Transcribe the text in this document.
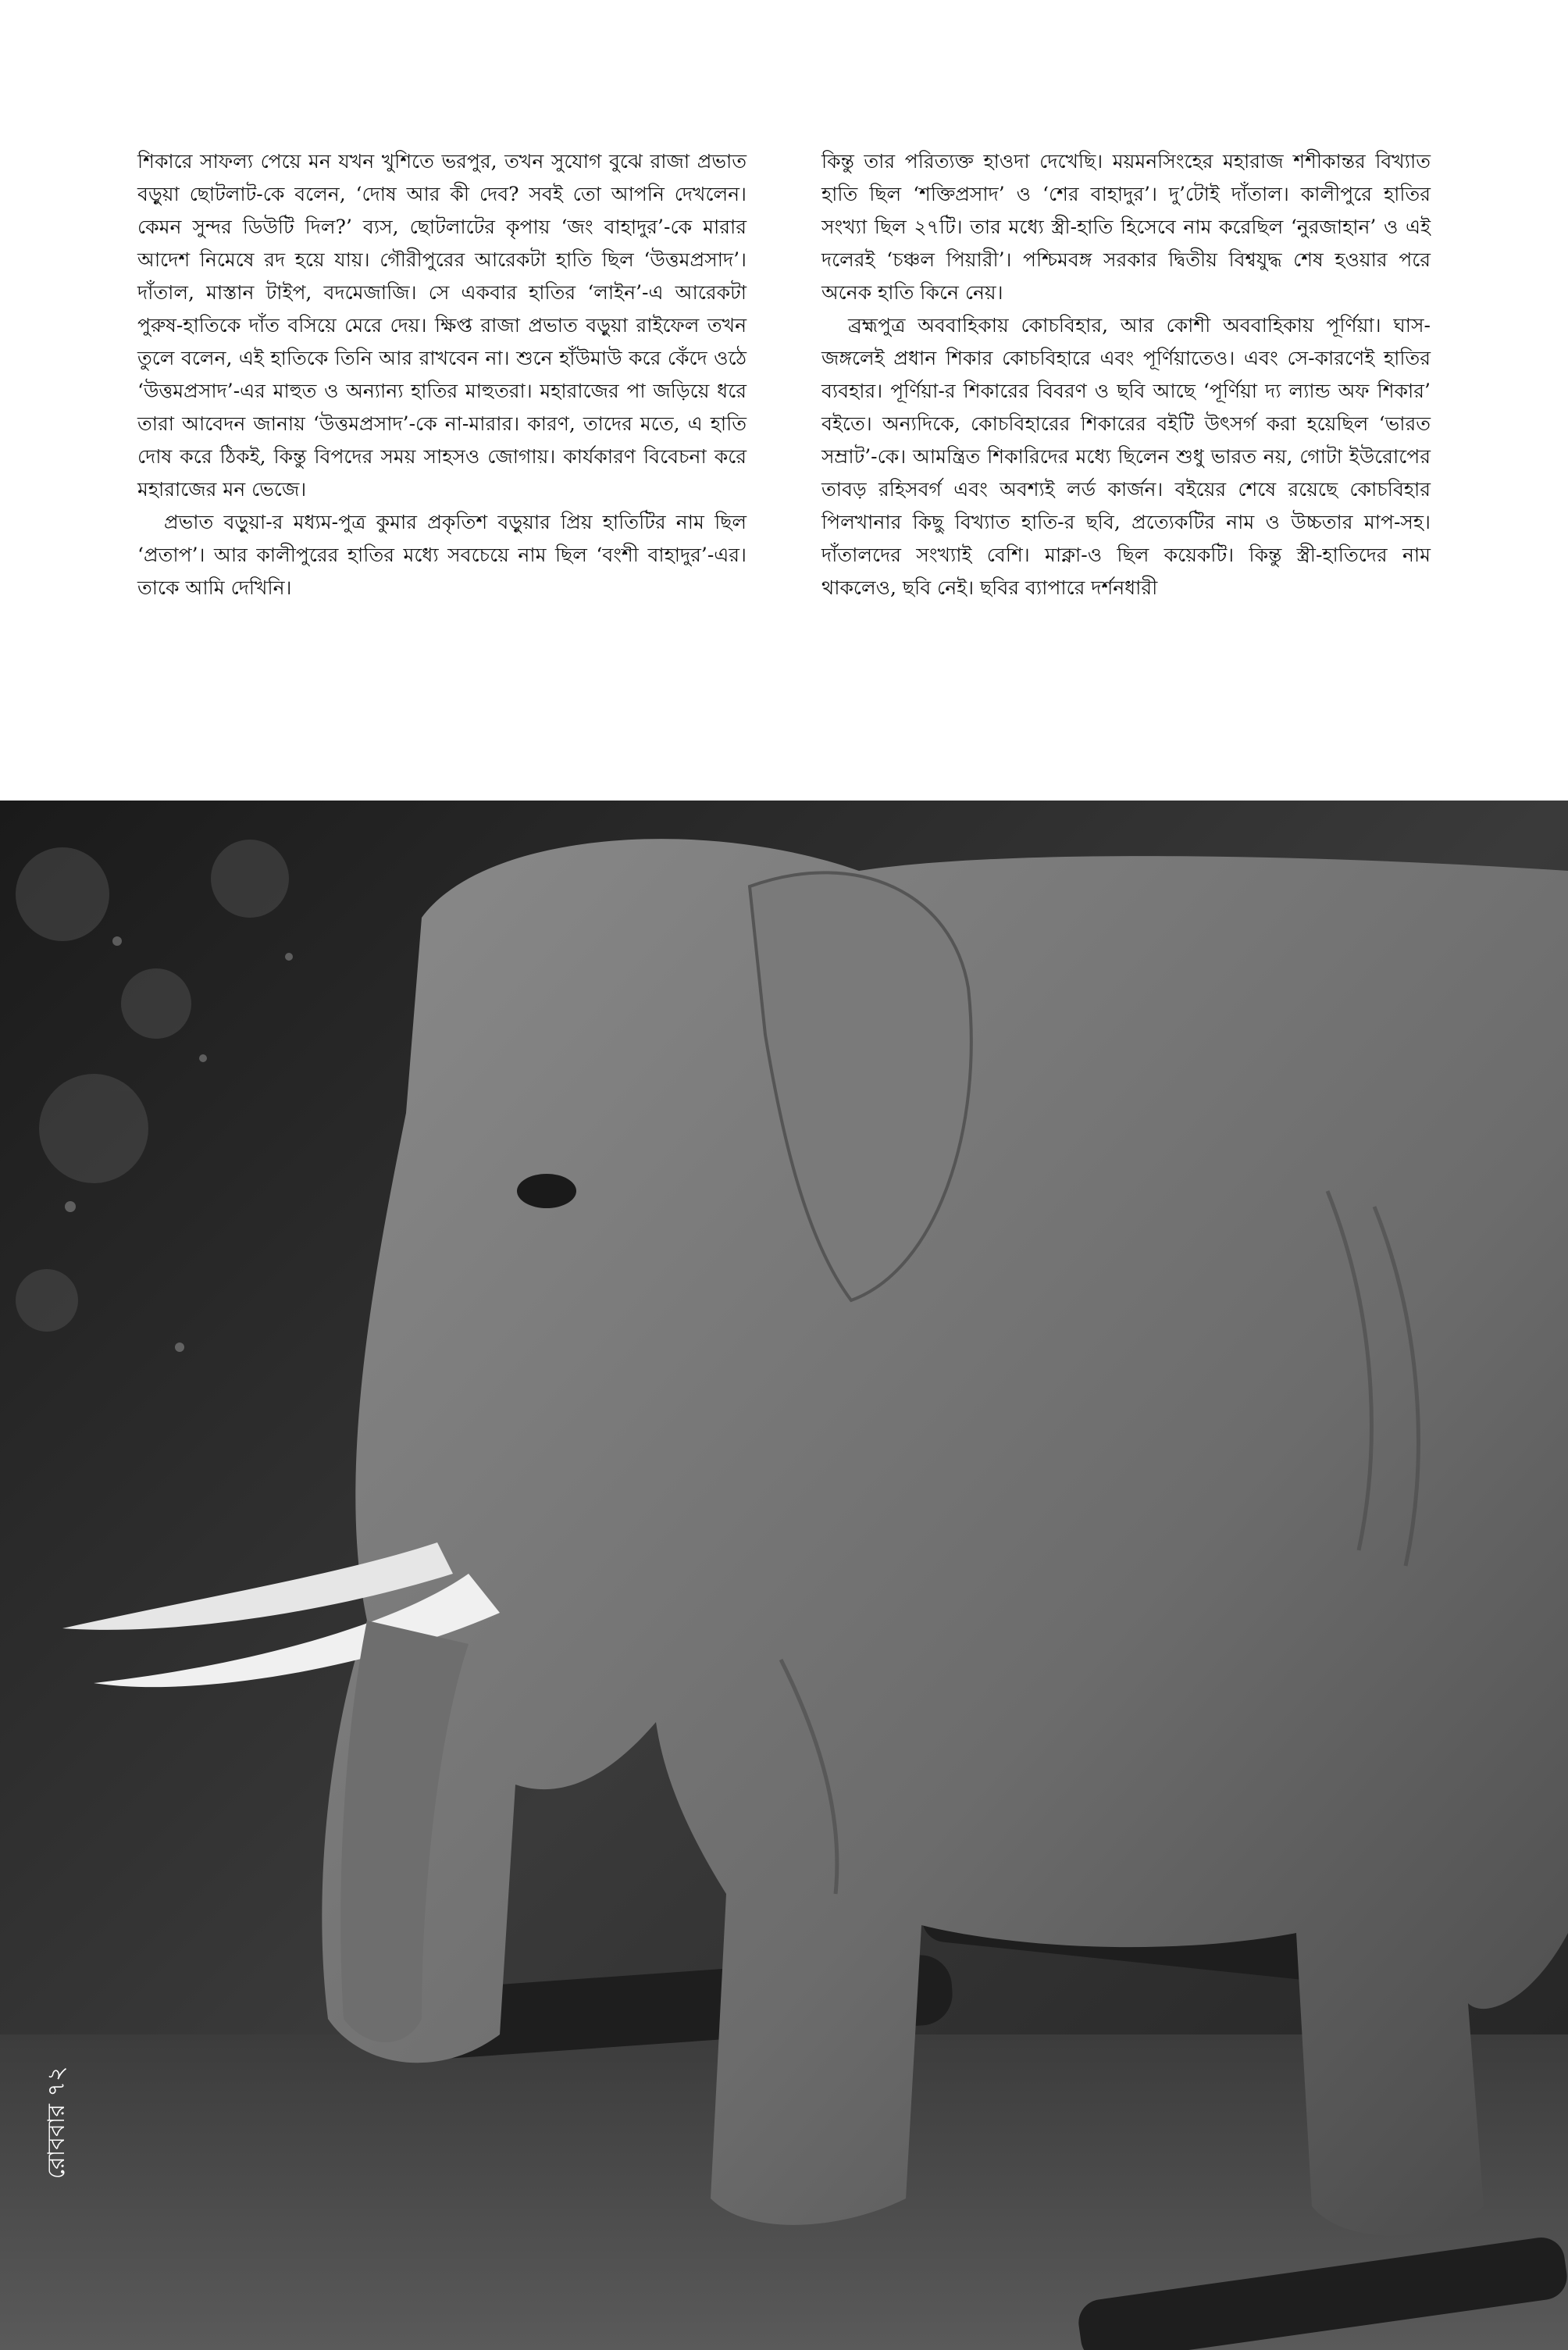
শিকারে সাফল্য পেয়ে মন যখন খুশিতে ভরপুর, তখন সুযোগ বুঝে রাজা প্রভাত বড়ুয়া ছোটলাট-কে বলেন, ‘দোষ আর কী দেব? সবই তো আপনি দেখলেন। কেমন সুন্দর ডিউটি দিল?’ ব্যস, ছোটলাটের কৃপায় ‘জং বাহাদুর’-কে মারার আদেশ নিমেষে রদ হয়ে যায়। গৌরীপুরের আরেকটা হাতি ছিল ‘উত্তমপ্রসাদ’। দাঁতাল, মাস্তান টাইপ, বদমেজাজি। সে একবার হাতির ‘লাইন’-এ আরেকটা পুরুষ-হাতিকে দাঁত বসিয়ে মেরে দেয়। ক্ষিপ্ত রাজা প্রভাত বড়ুয়া রাইফেল তখন তুলে বলেন, এই হাতিকে তিনি আর রাখবেন না। শুনে হাঁউমাউ করে কেঁদে ওঠে ‘উত্তমপ্রসাদ’-এর মাহুত ও অন্যান্য হাতির মাহুতরা। মহারাজের পা জড়িয়ে ধরে তারা আবেদন জানায় ‘উত্তমপ্রসাদ’-কে না-মারার। কারণ, তাদের মতে, এ হাতি দোষ করে ঠিকই, কিন্তু বিপদের সময় সাহসও জোগায়। কার্যকারণ বিবেচনা করে মহারাজের মন ভেজে।

প্রভাত বড়ুয়া-র মধ্যম-পুত্র কুমার প্রকৃতিশ বড়ুয়ার প্রিয় হাতিটির নাম ছিল ‘প্রতাপ’। আর কালীপুরের হাতির মধ্যে সবচেয়ে নাম ছিল ‘বংশী বাহাদুর’-এর। তাকে আমি দেখিনি।

কিন্তু তার পরিত্যক্ত হাওদা দেখেছি। ময়মনসিংহের মহারাজ শশীকান্তর বিখ্যাত হাতি ছিল ‘শক্তিপ্রসাদ’ ও ‘শের বাহাদুর’। দু’টোই দাঁতাল। কালীপুরে হাতির সংখ্যা ছিল ২৭টি। তার মধ্যে স্ত্রী-হাতি হিসেবে নাম করেছিল ‘নুরজাহান’ ও এই দলেরই ‘চঞ্চল পিয়ারী’। পশ্চিমবঙ্গ সরকার দ্বিতীয় বিশ্বযুদ্ধ শেষ হওয়ার পরে অনেক হাতি কিনে নেয়।

ব্রহ্মপুত্র অববাহিকায় কোচবিহার, আর কোশী অববাহিকায় পূর্ণিয়া। ঘাস-জঙ্গলেই প্রধান শিকার কোচবিহারে এবং পূর্ণিয়াতেও। এবং সে-কারণেই হাতির ব্যবহার। পূর্ণিয়া-র শিকারের বিবরণ ও ছবি আছে ‘পূর্ণিয়া দ্য ল্যান্ড অফ শিকার’ বইতে। অন্যদিকে, কোচবিহারের শিকারের বইটি উৎসর্গ করা হয়েছিল ‘ভারত সম্রাট’-কে। আমন্ত্রিত শিকারিদের মধ্যে ছিলেন শুধু ভারত নয়, গোটা ইউরোপের তাবড় রহিসবর্গ এবং অবশ্যই লর্ড কার্জন। বইয়ের শেষে রয়েছে কোচবিহার পিলখানার কিছু বিখ্যাত হাতি-র ছবি, প্রত্যেকটির নাম ও উচ্চতার মাপ-সহ। দাঁতালদের সংখ্যাই বেশি। মাক্না-ও ছিল কয়েকটি। কিন্তু স্ত্রী-হাতিদের নাম থাকলেও, ছবি নেই। ছবির ব্যাপারে দর্শনধারী

রোববার ৭২
